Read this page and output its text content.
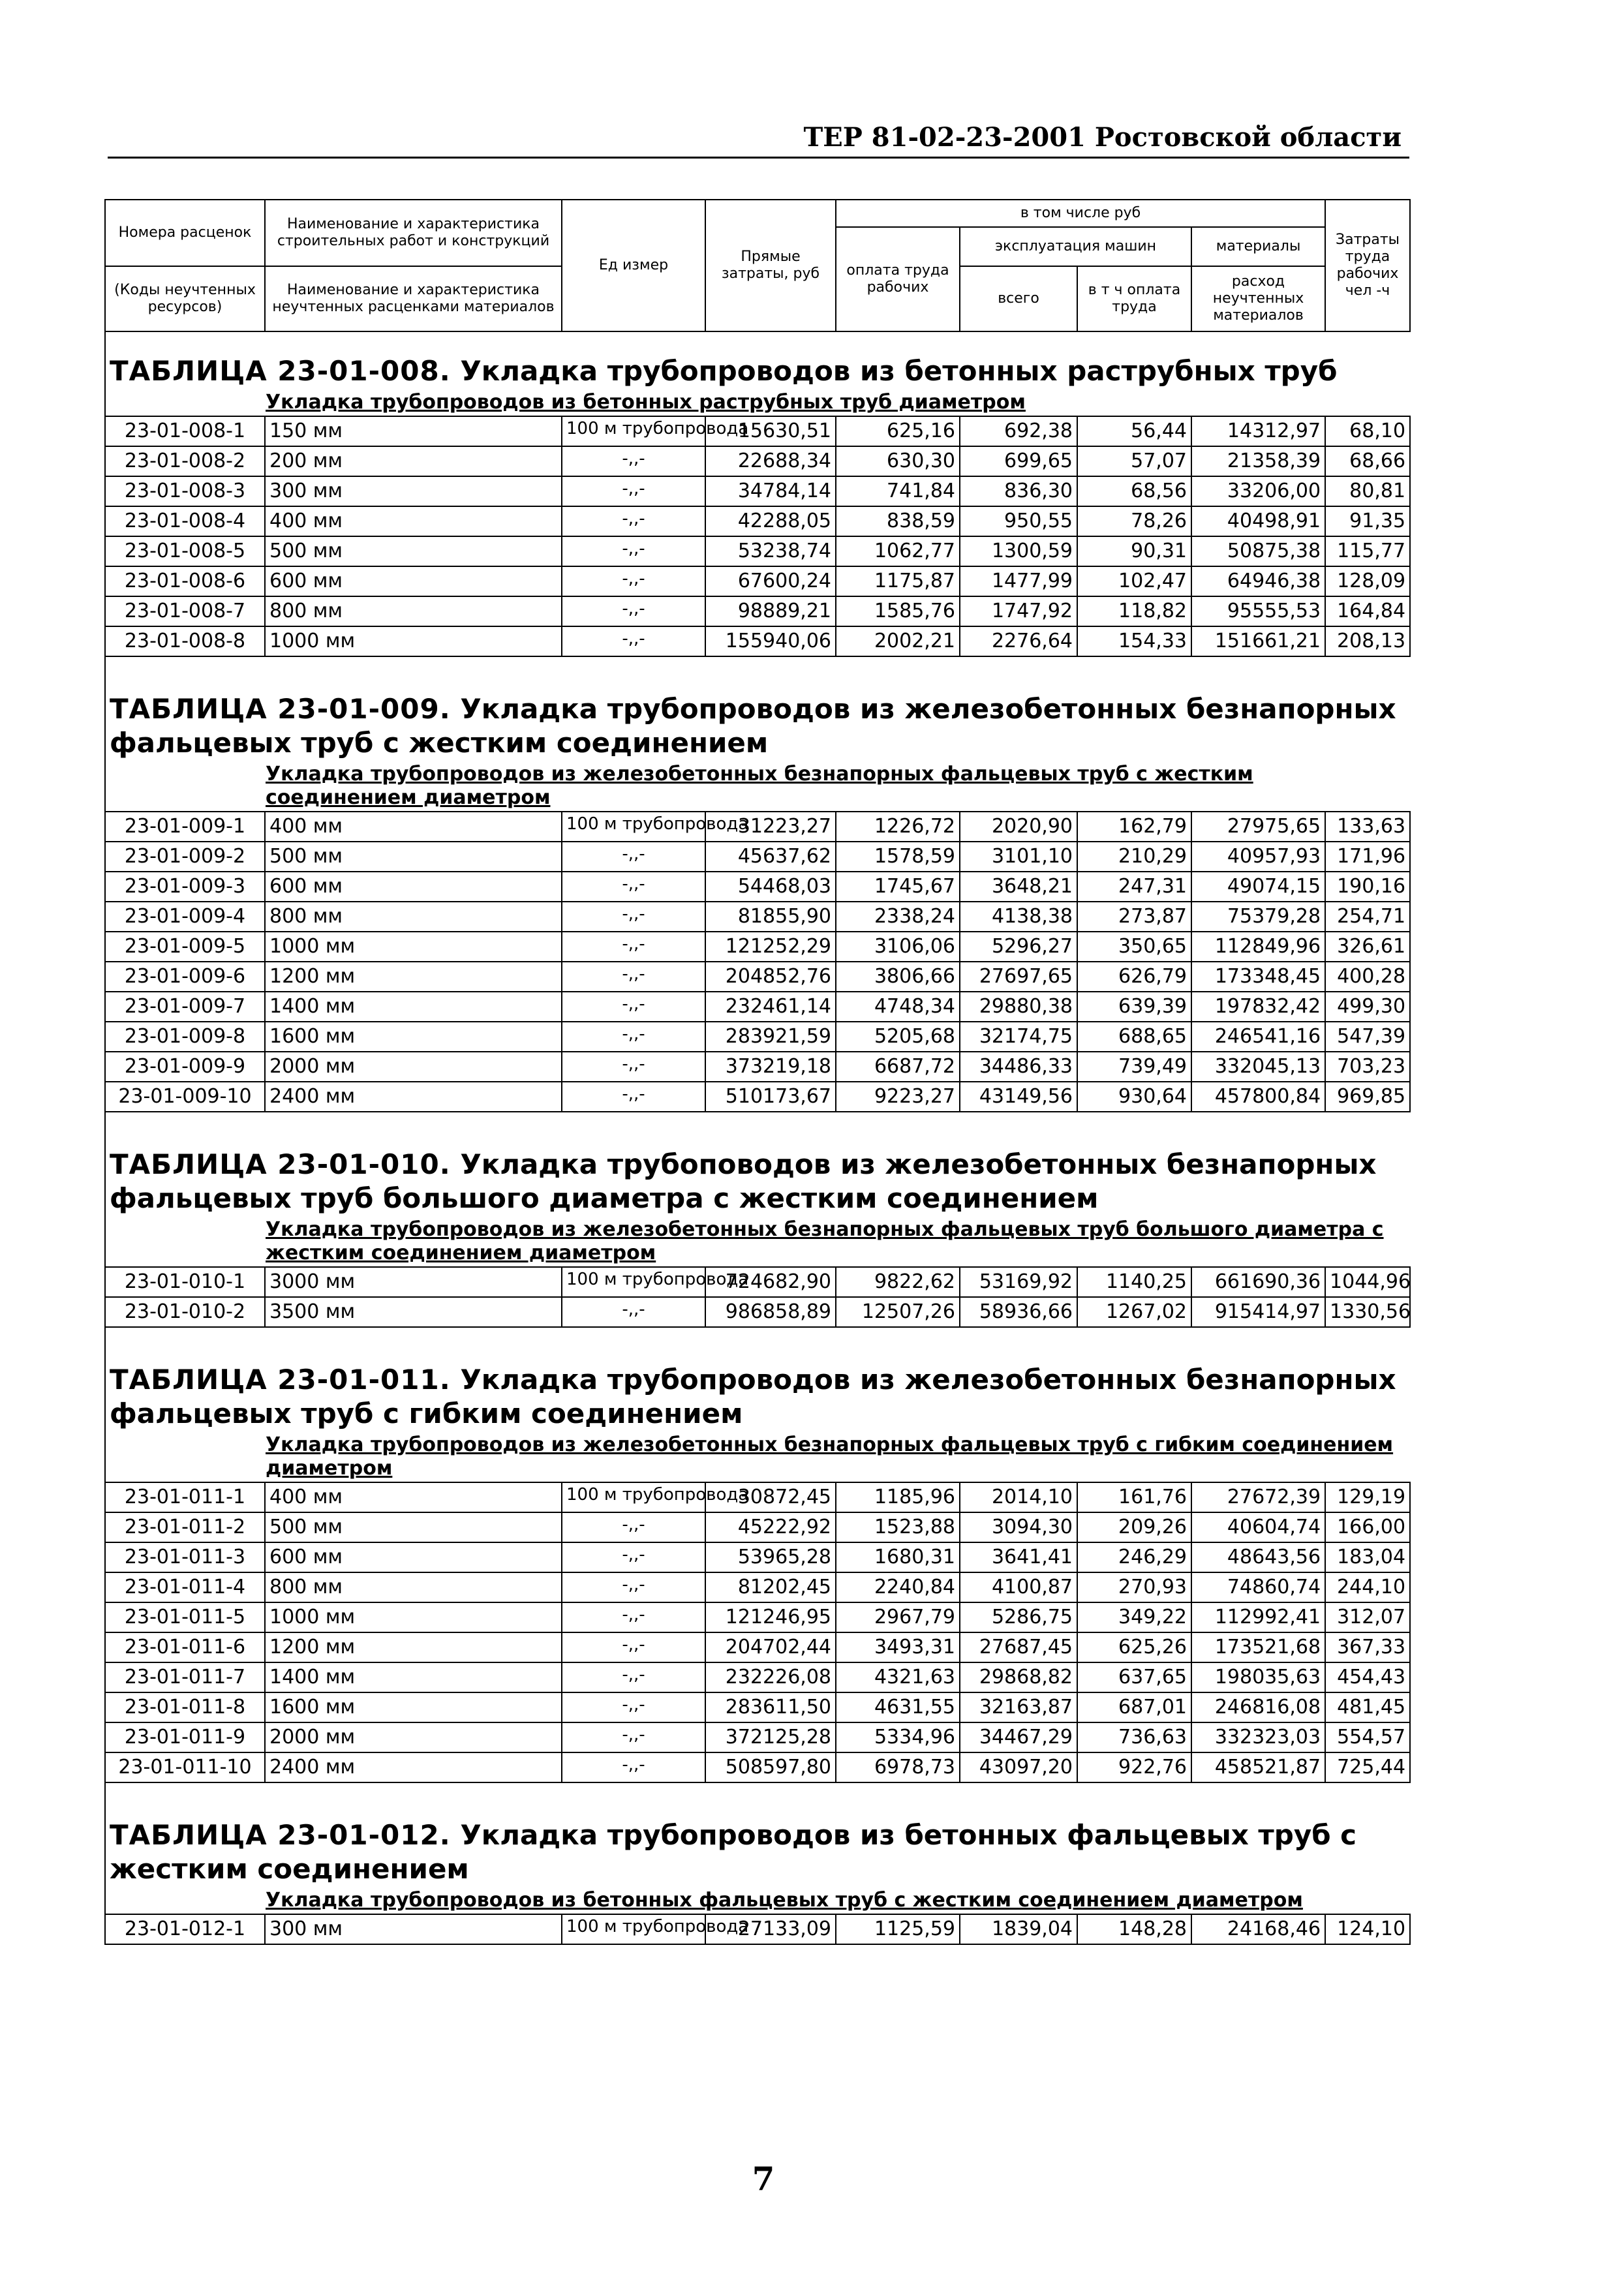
ТЕР 81-02-23-2001 Ростовской области
Номера расценок	Наименование и характеристика строительных работ и конструкций	Ед измер	Прямые затраты, руб	в том числе руб				Затраты труда рабочих чел -ч
				оплата труда рабочих	эксплуатация машин		материалы	
(Коды неучтенных ресурсов)	Наименование и характеристика неучтенных расценками материалов				всего	в т ч оплата труда	расход неучтенных материалов	

ТАБЛИЦА 23-01-008. Укладка трубопроводов из бетонных раструбных труб								
Укладка трубопроводов из бетонных раструбных труб диаметром								
23-01-008-1	150 мм	100 м трубопровода	15630,51	625,16	692,38	56,44	14312,97	68,10
23-01-008-2	200 мм	-,,-	22688,34	630,30	699,65	57,07	21358,39	68,66
23-01-008-3	300 мм	-,,-	34784,14	741,84	836,30	68,56	33206,00	80,81
23-01-008-4	400 мм	-,,-	42288,05	838,59	950,55	78,26	40498,91	91,35
23-01-008-5	500 мм	-,,-	53238,74	1062,77	1300,59	90,31	50875,38	115,77
23-01-008-6	600 мм	-,,-	67600,24	1175,87	1477,99	102,47	64946,38	128,09
23-01-008-7	800 мм	-,,-	98889,21	1585,76	1747,92	118,82	95555,53	164,84
23-01-008-8	1000 мм	-,,-	155940,06	2002,21	2276,64	154,33	151661,21	208,13

ТАБЛИЦА 23-01-009. Укладка трубопроводов из железобетонных безнапорных фальцевых труб с жестким соединением								
Укладка трубопроводов из железобетонных безнапорных фальцевых труб с жестким соединением диаметром								
23-01-009-1	400 мм	100 м трубопровода	31223,27	1226,72	2020,90	162,79	27975,65	133,63
23-01-009-2	500 мм	-,,-	45637,62	1578,59	3101,10	210,29	40957,93	171,96
23-01-009-3	600 мм	-,,-	54468,03	1745,67	3648,21	247,31	49074,15	190,16
23-01-009-4	800 мм	-,,-	81855,90	2338,24	4138,38	273,87	75379,28	254,71
23-01-009-5	1000 мм	-,,-	121252,29	3106,06	5296,27	350,65	112849,96	326,61
23-01-009-6	1200 мм	-,,-	204852,76	3806,66	27697,65	626,79	173348,45	400,28
23-01-009-7	1400 мм	-,,-	232461,14	4748,34	29880,38	639,39	197832,42	499,30
23-01-009-8	1600 мм	-,,-	283921,59	5205,68	32174,75	688,65	246541,16	547,39
23-01-009-9	2000 мм	-,,-	373219,18	6687,72	34486,33	739,49	332045,13	703,23
23-01-009-10	2400 мм	-,,-	510173,67	9223,27	43149,56	930,64	457800,84	969,85

ТАБЛИЦА 23-01-010. Укладка трубоповодов из железобетонных безнапорных фальцевых труб большого диаметра с жестким соединением								
Укладка трубопроводов из железобетонных безнапорных фальцевых труб большого диаметра с жестким соединением диаметром								
23-01-010-1	3000 мм	100 м трубопровода	724682,90	9822,62	53169,92	1140,25	661690,36	1044,96
23-01-010-2	3500 мм	-,,-	986858,89	12507,26	58936,66	1267,02	915414,97	1330,56

ТАБЛИЦА 23-01-011. Укладка трубопроводов из железобетонных безнапорных фальцевых труб с гибким соединением								
Укладка трубопроводов из железобетонных безнапорных фальцевых труб с гибким соединением диаметром								
23-01-011-1	400 мм	100 м трубопровода	30872,45	1185,96	2014,10	161,76	27672,39	129,19
23-01-011-2	500 мм	-,,-	45222,92	1523,88	3094,30	209,26	40604,74	166,00
23-01-011-3	600 мм	-,,-	53965,28	1680,31	3641,41	246,29	48643,56	183,04
23-01-011-4	800 мм	-,,-	81202,45	2240,84	4100,87	270,93	74860,74	244,10
23-01-011-5	1000 мм	-,,-	121246,95	2967,79	5286,75	349,22	112992,41	312,07
23-01-011-6	1200 мм	-,,-	204702,44	3493,31	27687,45	625,26	173521,68	367,33
23-01-011-7	1400 мм	-,,-	232226,08	4321,63	29868,82	637,65	198035,63	454,43
23-01-011-8	1600 мм	-,,-	283611,50	4631,55	32163,87	687,01	246816,08	481,45
23-01-011-9	2000 мм	-,,-	372125,28	5334,96	34467,29	736,63	332323,03	554,57
23-01-011-10	2400 мм	-,,-	508597,80	6978,73	43097,20	922,76	458521,87	725,44

ТАБЛИЦА 23-01-012. Укладка трубопроводов из бетонных фальцевых труб с жестким соединением								
Укладка трубопроводов из бетонных фальцевых труб с жестким соединением диаметром								
23-01-012-1	300 мм	100 м трубопровода	27133,09	1125,59	1839,04	148,28	24168,46	124,10
7
